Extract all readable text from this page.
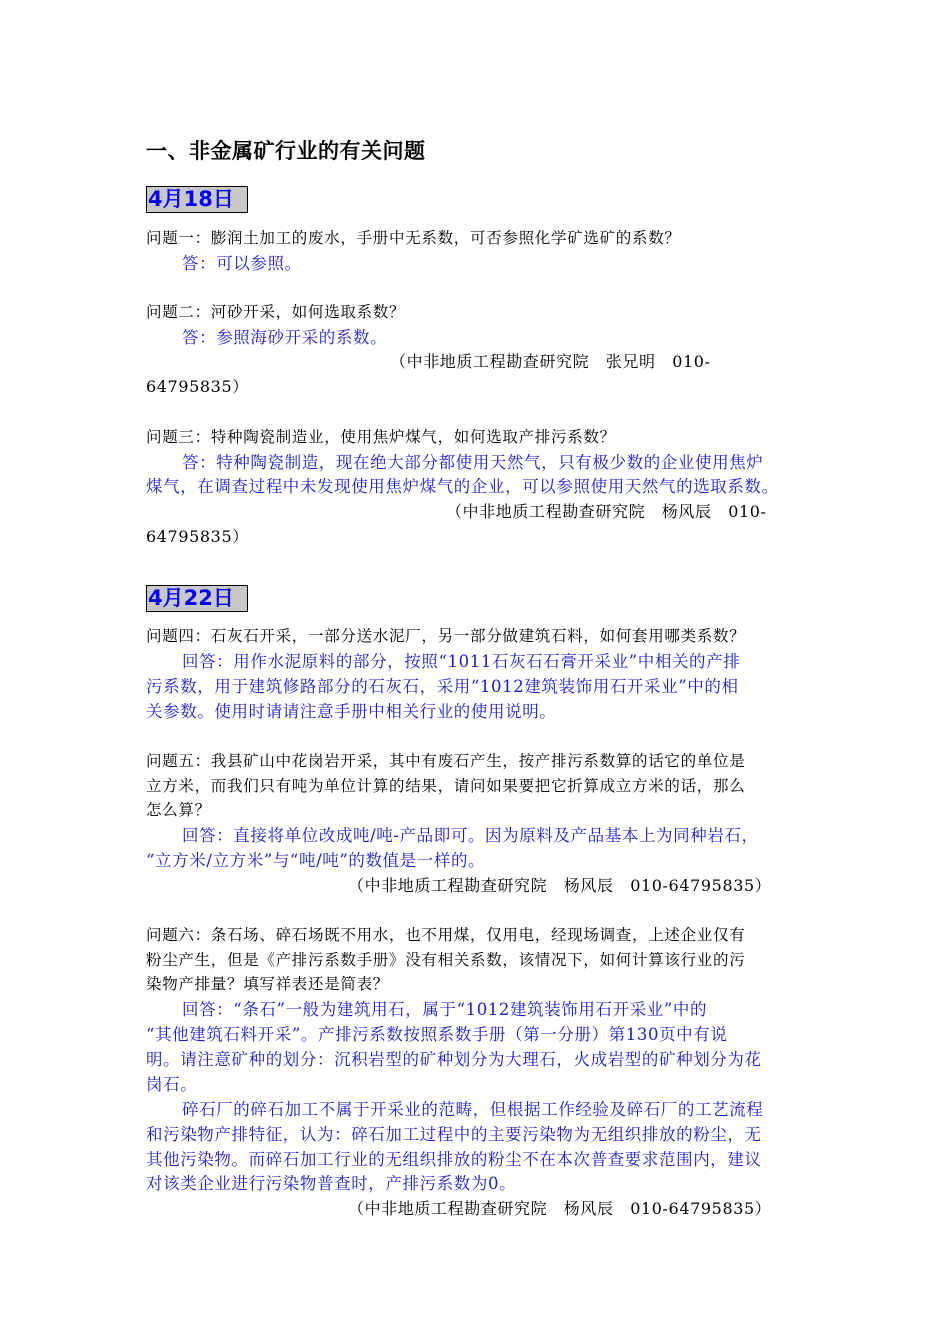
一、非金属矿行业的有关问题
4月18日
问题一：膨润土加工的废水，手册中无系数，可否参照化学矿选矿的系数？
答：可以参照。
问题二：河砂开采，如何选取系数？
答：参照海砂开采的系数。
（中非地质工程勘查研究院　张兄明　010-
64795835）
问题三：特种陶瓷制造业，使用焦炉煤气，如何选取产排污系数？
答：特种陶瓷制造，现在绝大部分都使用天然气，只有极少数的企业使用焦炉
煤气，在调查过程中未发现使用焦炉煤气的企业，可以参照使用天然气的选取系数。
（中非地质工程勘查研究院　杨风辰　010-
64795835）
4月22日
问题四：石灰石开采，一部分送水泥厂，另一部分做建筑石料，如何套用哪类系数？
回答：用作水泥原料的部分，按照“1011石灰石石膏开采业”中相关的产排
污系数，用于建筑修路部分的石灰石，采用“1012建筑装饰用石开采业”中的相
关参数。使用时请请注意手册中相关行业的使用说明。
问题五：我县矿山中花岗岩开采，其中有废石产生，按产排污系数算的话它的单位是
立方米，而我们只有吨为单位计算的结果，请问如果要把它折算成立方米的话，那么
怎么算？
回答：直接将单位改成吨/吨-产品即可。因为原料及产品基本上为同种岩石，
“立方米/立方米”与“吨/吨”的数值是一样的。
（中非地质工程勘查研究院　杨风辰　010-64795835）
问题六：条石场、碎石场既不用水，也不用煤，仅用电，经现场调查，上述企业仅有
粉尘产生，但是《产排污系数手册》没有相关系数，该情况下，如何计算该行业的污
染物产排量？填写祥表还是简表？
回答：“条石”一般为建筑用石，属于“1012建筑装饰用石开采业”中的
“其他建筑石料开采”。产排污系数按照系数手册（第一分册）第130页中有说
明。请注意矿种的划分：沉积岩型的矿种划分为大理石，火成岩型的矿种划分为花
岗石。
碎石厂的碎石加工不属于开采业的范畴，但根据工作经验及碎石厂的工艺流程
和污染物产排特征，认为：碎石加工过程中的主要污染物为无组织排放的粉尘，无
其他污染物。而碎石加工行业的无组织排放的粉尘不在本次普查要求范围内，建议
对该类企业进行污染物普查时，产排污系数为0。
（中非地质工程勘查研究院　杨风辰　010-64795835）
